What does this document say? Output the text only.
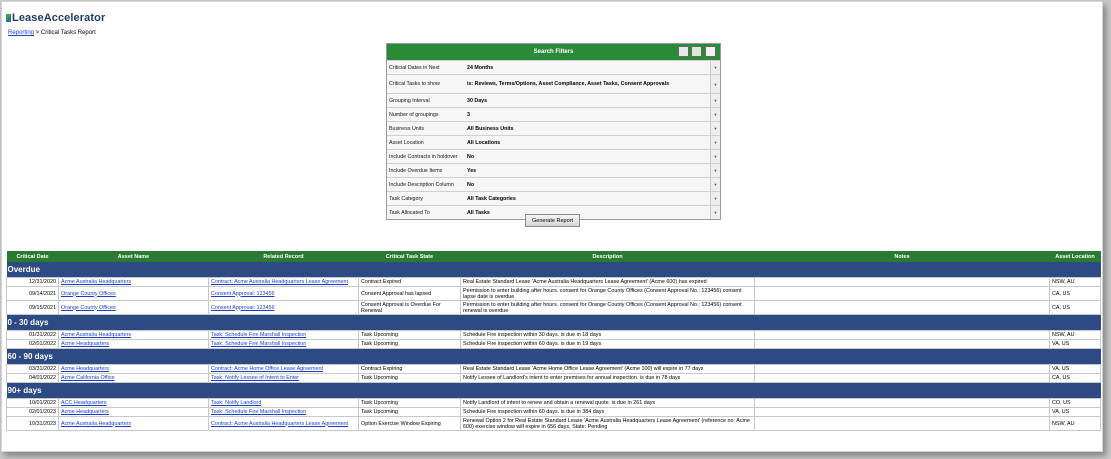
LeaseAccelerator
Reporting > Critical Tasks Report
Search Filters
Criticial Dates in Next	24 Months	▼
Critical Tasks to show	is: Reviews, Terms/Options, Asset Compliance, Asset Tasks, Consent Approvals	▼
Grouping Interval	30 Days	▼
Number of groupings	3	▼
Business Units	All Business Units	▼
Asset Location	All Locations	▼
Include Contracts in holdover	No	▼
Include Overdue Items	Yes	▼
Include Description Column	No	▼
Task Category	All Task Categories	▼
Task Allocated To	All Tasks	▼
Generate Report
Critical Date	Asset Name	Related Record	Critical Task State	Description	Notes	Asset Location
Overdue						
12/31/2020	Acme Australia Headquarters	Contract: Acme Australia Headquarters Lease Agreement	Contract Expired	Real Estate Standard Lease 'Acme Australia Headquarters Lease Agreement' (Acme 600) has expired		NSW, AU
09/14/2021	Orange County Offices	Consent Approval: 123456	Consent Approval has lapsed	Permission to enter building after hours. consent for Orange County Offices (Consent Approval No.: 123456) consent lapse date is overdue		CA, US
09/15/2021	Orange County Offices	Consent Approval: 123456	Consent Approval is Overdue For Renewal	Permission to enter building after hours. consent for Orange County Offices (Consent Approval No.: 123456) consent renewal is overdue		CA, US
0 - 30 days						
01/31/2022	Acme Australia Headquarters	Task: Schedule Fire Marshall Inspection	Task Upcoming	Schedule Fire inspection within 30 days. is due in 18 days		NSW, AU
02/01/2022	Acme Headquarters	Task: Schedule Fire Marshall Inspection	Task Upcoming	Schedule Fire inspection within 60 days. is due in 19 days		VA, US
60 - 90 days						
03/31/2022	Acme Headquarters	Contract: Acme Home Office Lease Agreement	Contract Expiring	Real Estate Standard Lease 'Acme Home Office Lease Agreement' (Acme 100) will expire in 77 days		VA, US
04/01/2022	Acme California Office	Task: Notify Lessee of Intent to Enter	Task Upcoming	Notify Lessee of Landlord's intent to enter premises for annual inspection. is due in 78 days		CA, US
90+ days						
10/01/2022	ACC Headquarters	Task: Notify Landlord	Task Upcoming	Notify Landlord of intent to renew and obtain a renewal quote. is due in 261 days		CO, US
02/01/2023	Acme Headquarters	Task: Schedule Fire Marshall Inspection	Task Upcoming	Schedule Fire inspection within 60 days. is due in 384 days		VA, US
10/31/2023	Acme Australia Headquarters	Contract: Acme Australia Headquarters Lease Agreement	Option Exercise Window Expiring	Renewal Option 2 for Real Estate Standard Lease 'Acme Australia Headquarters Lease Agreement' (reference no: Acme 600) exercise window will expire in 656 days, State: Pending		NSW, AU
